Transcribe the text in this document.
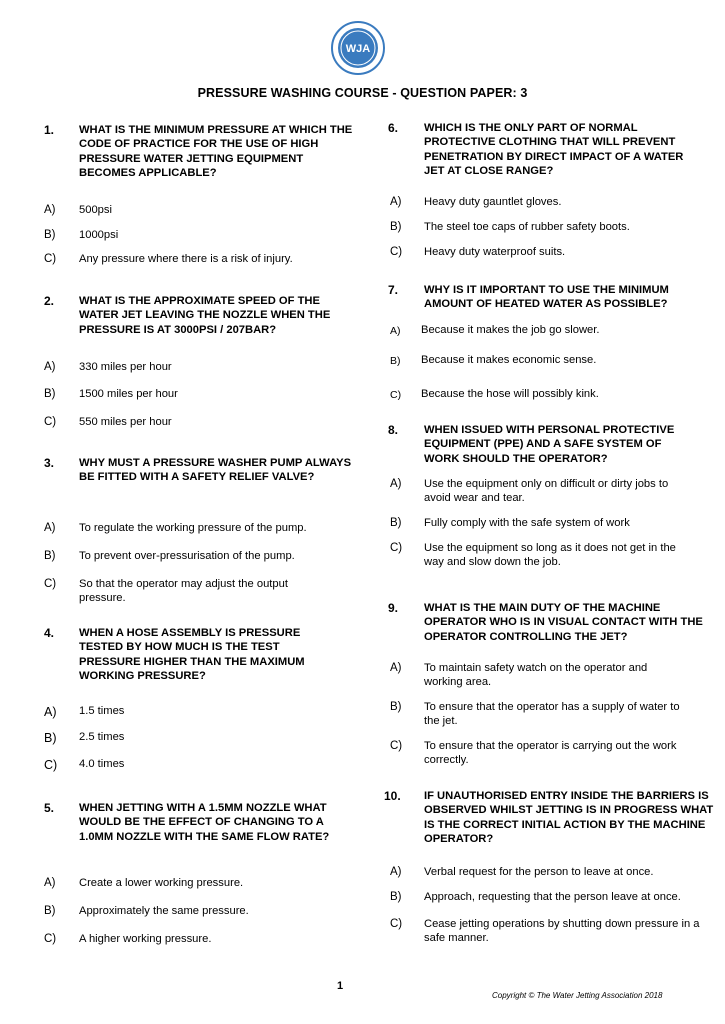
WJA
PRESSURE WASHING COURSE - QUESTION PAPER: 3
1. WHAT IS THE MINIMUM PRESSURE AT WHICH THE CODE OF PRACTICE FOR THE USE OF HIGH PRESSURE WATER JETTING EQUIPMENT BECOMES APPLICABLE?
A) 500psi
B) 1000psi
C) Any pressure where there is a risk of injury.
2. WHAT IS THE APPROXIMATE SPEED OF THE WATER JET LEAVING THE NOZZLE WHEN THE PRESSURE IS AT 3000PSI / 207BAR?
A) 330 miles per hour
B) 1500 miles per hour
C) 550 miles per hour
3. WHY MUST A PRESSURE WASHER PUMP ALWAYS BE FITTED WITH A SAFETY RELIEF VALVE?
A) To regulate the working pressure of the pump.
B) To prevent over-pressurisation of the pump.
C) So that the operator may adjust the output pressure.
4. WHEN A HOSE ASSEMBLY IS PRESSURE TESTED BY HOW MUCH IS THE TEST PRESSURE HIGHER THAN THE MAXIMUM WORKING PRESSURE?
A) 1.5 times
B) 2.5 times
C) 4.0 times
5. WHEN JETTING WITH A 1.5MM NOZZLE WHAT WOULD BE THE EFFECT OF CHANGING TO A 1.0MM NOZZLE WITH THE SAME FLOW RATE?
A) Create a lower working pressure.
B) Approximately the same pressure.
C) A higher working pressure.
6. WHICH IS THE ONLY PART OF NORMAL PROTECTIVE CLOTHING THAT WILL PREVENT PENETRATION BY DIRECT IMPACT OF A WATER JET AT CLOSE RANGE?
A) Heavy duty gauntlet gloves.
B) The steel toe caps of rubber safety boots.
C) Heavy duty waterproof suits.
7. WHY IS IT IMPORTANT TO USE THE MINIMUM AMOUNT OF HEATED WATER AS POSSIBLE?
A) Because it makes the job go slower.
B) Because it makes economic sense.
C) Because the hose will possibly kink.
8. WHEN ISSUED WITH PERSONAL PROTECTIVE EQUIPMENT (PPE) AND A SAFE SYSTEM OF WORK SHOULD THE OPERATOR?
A) Use the equipment only on difficult or dirty jobs to avoid wear and tear.
B) Fully comply with the safe system of work
C) Use the equipment so long as it does not get in the way and slow down the job.
9. WHAT IS THE MAIN DUTY OF THE MACHINE OPERATOR WHO IS IN VISUAL CONTACT WITH THE OPERATOR CONTROLLING THE JET?
A) To maintain safety watch on the operator and working area.
B) To ensure that the operator has a supply of water to the jet.
C) To ensure that the operator is carrying out the work correctly.
10. IF UNAUTHORISED ENTRY INSIDE THE BARRIERS IS OBSERVED WHILST JETTING IS IN PROGRESS WHAT IS THE CORRECT INITIAL ACTION BY THE MACHINE OPERATOR?
A) Verbal request for the person to leave at once.
B) Approach, requesting that the person leave at once.
C) Cease jetting operations by shutting down pressure in a safe manner.
1
Copyright © The Water Jetting Association 2018
